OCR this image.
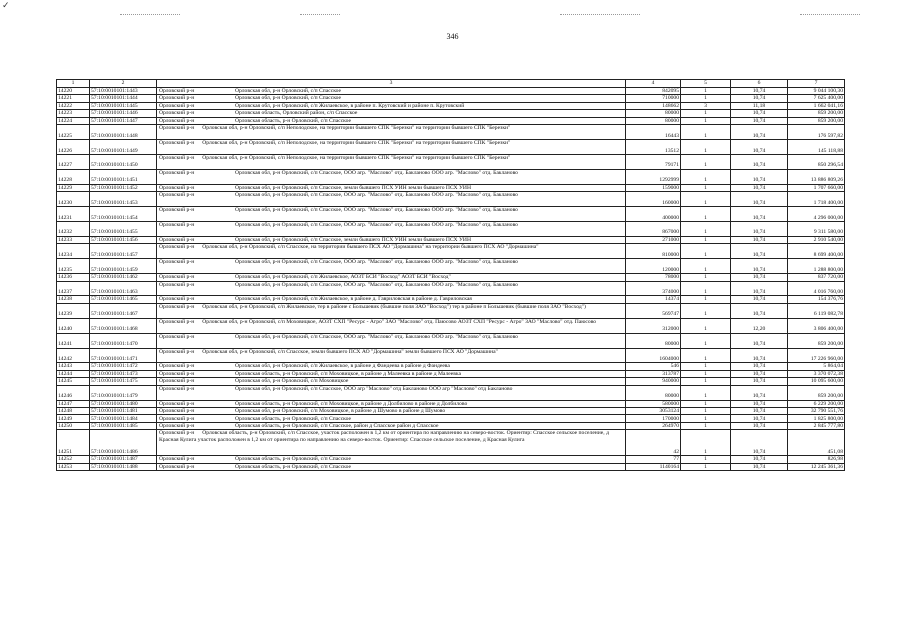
✓
346
1	2	3	4	5	6	7
14220	57:10:0010101:1443	Орловский р-н Орловская обл, р-н Орловский, с/п Спасское	842095	1	10,74	9 044 100,30
14221	57:10:0010101:1444	Орловский р-н Орловская обл, р-н Орловский, с/п Спасское	710000	1	10,74	7 625 400,00
14222	57:10:0010101:1445	Орловский р-н Орловская обл, р-н Орловский, с/п Жилаевское, в районе п. Крутовский и районе п. Крутовский	148662	3	11,18	1 662 041,16
14223	57:10:0010101:1446	Орловский р-н Орловская область, Орловский район, с/п Спасское	80000	1	10,74	859 200,00
14224	57:10:0010101:1447	Орловский р-н Орловская область, р-н Орловский, с/п Спасское	80000	1	10,74	859 200,00
14225	57:10:0010101:1448	Орловский р-н Орловская обл, р-н Орловский, с/п Неполодское, на территории бывшего СПК "Березки" на территории бывшего СПК "Березки"	16443	1	10,74	176 597,82
14226	57:10:0010101:1449	Орловский р-н Орловская обл, р-н Орловский, с/п Неполодское, на территории бывшего СПК "Березки" на территории бывшего СПК "Березки"	13512	1	10,74	145 118,88
14227	57:10:0010101:1450	Орловский р-н Орловская обл, р-н Орловский, с/п Неполодское, на территории бывшего СПК "Березки" на территории бывшего СПК "Березки"	79171	1	10,74	850 296,54
14228	57:10:0010101:1451	Орловский р-н Орловская обл, р-н Орловский, с/п Спасское, ООО агр. "Маслово" отд. Бакланово ООО агр. "Маслово" отд. Бакланово	1292999	1	10,74	13 886 809,26
14229	57:10:0010101:1452	Орловский р-н Орловская обл, р-н Орловский, с/п Спасское, земли бывшего ПСХ УИН земли бывшего ПСХ УИН	159000	1	10,74	1 707 660,00
14230	57:10:0010101:1453	Орловский р-н Орловская обл, р-н Орловский, с/п Спасское, ООО агр. "Маслово" отд. Бакланово ООО агр. "Маслово" отд. Бакланово	160000	1	10,74	1 718 400,00
14231	57:10:0010101:1454	Орловский р-н Орловская обл, р-н Орловский, с/п Спасское, ООО агр. "Маслово" отд. Бакланово ООО агр. "Маслово" отд. Бакланово	400000	1	10,74	4 296 000,00
14232	57:10:0010101:1455	Орловский р-н Орловская обл, р-н Орловский, с/п Спасское, ООО агр. "Маслово" отд. Бакланово ООО агр. "Маслово" отд. Бакланово	867000	1	10,74	9 311 580,00
14233	57:10:0010101:1456	Орловский р-н Орловская обл, р-н Орловский, с/п Спасское, земли бывшего ПСХ УИН земли бывшего ПСХ УИН	271000	1	10,74	2 910 540,00
14234	57:10:0010101:1457	Орловский р-н Орловская обл, р-н Орловский, с/п Спасское, на территории бывшего ПСХ АО "Дормашина" на территории бывшего ПСХ АО "Дормашина"	810000	1	10,74	8 699 400,00
14235	57:10:0010101:1459	Орловский р-н Орловская обл, р-н Орловский, с/п Спасское, ООО агр. "Маслово" отд. Бакланово ООО агр. "Маслово" отд. Бакланово	120000	1	10,74	1 288 800,00
14236	57:10:0010101:1462	Орловский р-н Орловская обл, р-н Орловский, с/п Жилаевское, АОЗТ БСИ "Восход" АОЗТ БСИ "Восход"	78000	1	10,74	837 720,00
14237	57:10:0010101:1463	Орловский р-н Орловская обл, р-н Орловский, с/п Спасское, ООО агр. "Маслово" отд. Бакланово ООО агр. "Маслово" отд. Бакланово	374000	1	10,74	4 016 760,00
14238	57:10:0010101:1465	Орловский р-н Орловская обл, р-н Орловский, с/п Жилаевское, в районе д. Гавриловская в районе д. Гавриловская	14374	1	10,74	154 376,76
14239	57:10:0010101:1467	Орловский р-н Орловская обл, р-н Орловский, с/п Жилаевское, тер в районе с Большевик (бывшие поля ЗАО "Восход") тер в районе п Большевик (бывшие поля ЗАО "Восход")	569747	1	10,74	6 119 082,78
14240	57:10:0010101:1468	Орловский р-н Орловская обл, р-н Орловский, с/п Моховицкое, АОЗТ СХП "Ресурс - Агро" ЗАО "Маслово" отд. Паюсово АОЗТ СХП "Ресурс - Агро" ЗАО "Маслово" отд. Паюсово	312000	1	12,20	3 806 400,00
14241	57:10:0010101:1470	Орловский р-н Орловская обл, р-н Орловский, с/п Спасское, ООО агр. "Маслово" отд. Бакланово ООО агр. "Маслово" отд. Бакланово	80000	1	10,74	859 200,00
14242	57:10:0010101:1471	Орловский р-н Орловская обл, р-н Орловский, с/п Спасское, земли бывшего ПСХ АО "Дормашина" земли бывшего ПСХ АО "Дормашина"	1604000	1	10,74	17 226 960,00
14243	57:10:0010101:1472	Орловский р-н Орловская обл, р-н Орловский, с/п Жилаевское, в районе д Фандеева в районе д Фандеева	546	1	10,74	5 864,04
14244	57:10:0010101:1473	Орловский р-н Орловская область, р-н Орловский, с/п Моховицкое, в районе д Малеевка в районе д Малеевка	313787	1	10,74	3 370 072,38
14245	57:10:0010101:1475	Орловский р-н Орловская обл, р-н Орловский, с/п Моховицкое	940000	1	10,74	10 095 600,00
14246	57:10:0010101:1479	Орловский р-н Орловская обл, р-н Орловский, с/п Спасское, ООО агр "Маслово" отд Бакланово ООО агр "Маслово" отд Бакланово	80000	1	10,74	859 200,00
14247	57:10:0010101:1480	Орловский р-н Орловская область, р-н Орловский, с/п Моховицкое, в районе д Долбилово в районе д Долбилово	580000	1	10,74	6 229 200,00
14248	57:10:0010101:1481	Орловский р-н Орловская обл, р-н Орловский, с/п Моховицкое, в районе д Шумово в районе д Шумово	3053124	1	10,74	32 790 551,76
14249	57:10:0010101:1484	Орловский р-н Орловская область, р-н Орловский, с/п Спасское	170000	1	10,74	1 825 800,00
14250	57:10:0010101:1485	Орловский р-н Орловская область, р-н Орловский, с/п Спасское, район д Спасское район д Спасское	264970	1	10,74	2 845 777,80
14251	57:10:0010101:1486	Орловский р-н Орловская область, р-н Орловский, с/п Спасское, участок расположен в 1,2 км от ориентира по направлению на северо-восток. Ориентир: Спасское сельское поселение, д Красная Кулига участок расположен в 1,2 км от ориентира по направлению на северо-восток. Ориентир: Спасское сельское поселение, д Красная Кулига	42	1	10,74	451,08
14252	57:10:0010101:1487	Орловский р-н Орловская область, р-н Орловский, с/п Спасское	77	1	10,74	826,98
14253	57:10:0010101:1488	Орловский р-н Орловская область, р-н Орловский, с/п Спасское	1140164	1	10,74	12 245 361,36
